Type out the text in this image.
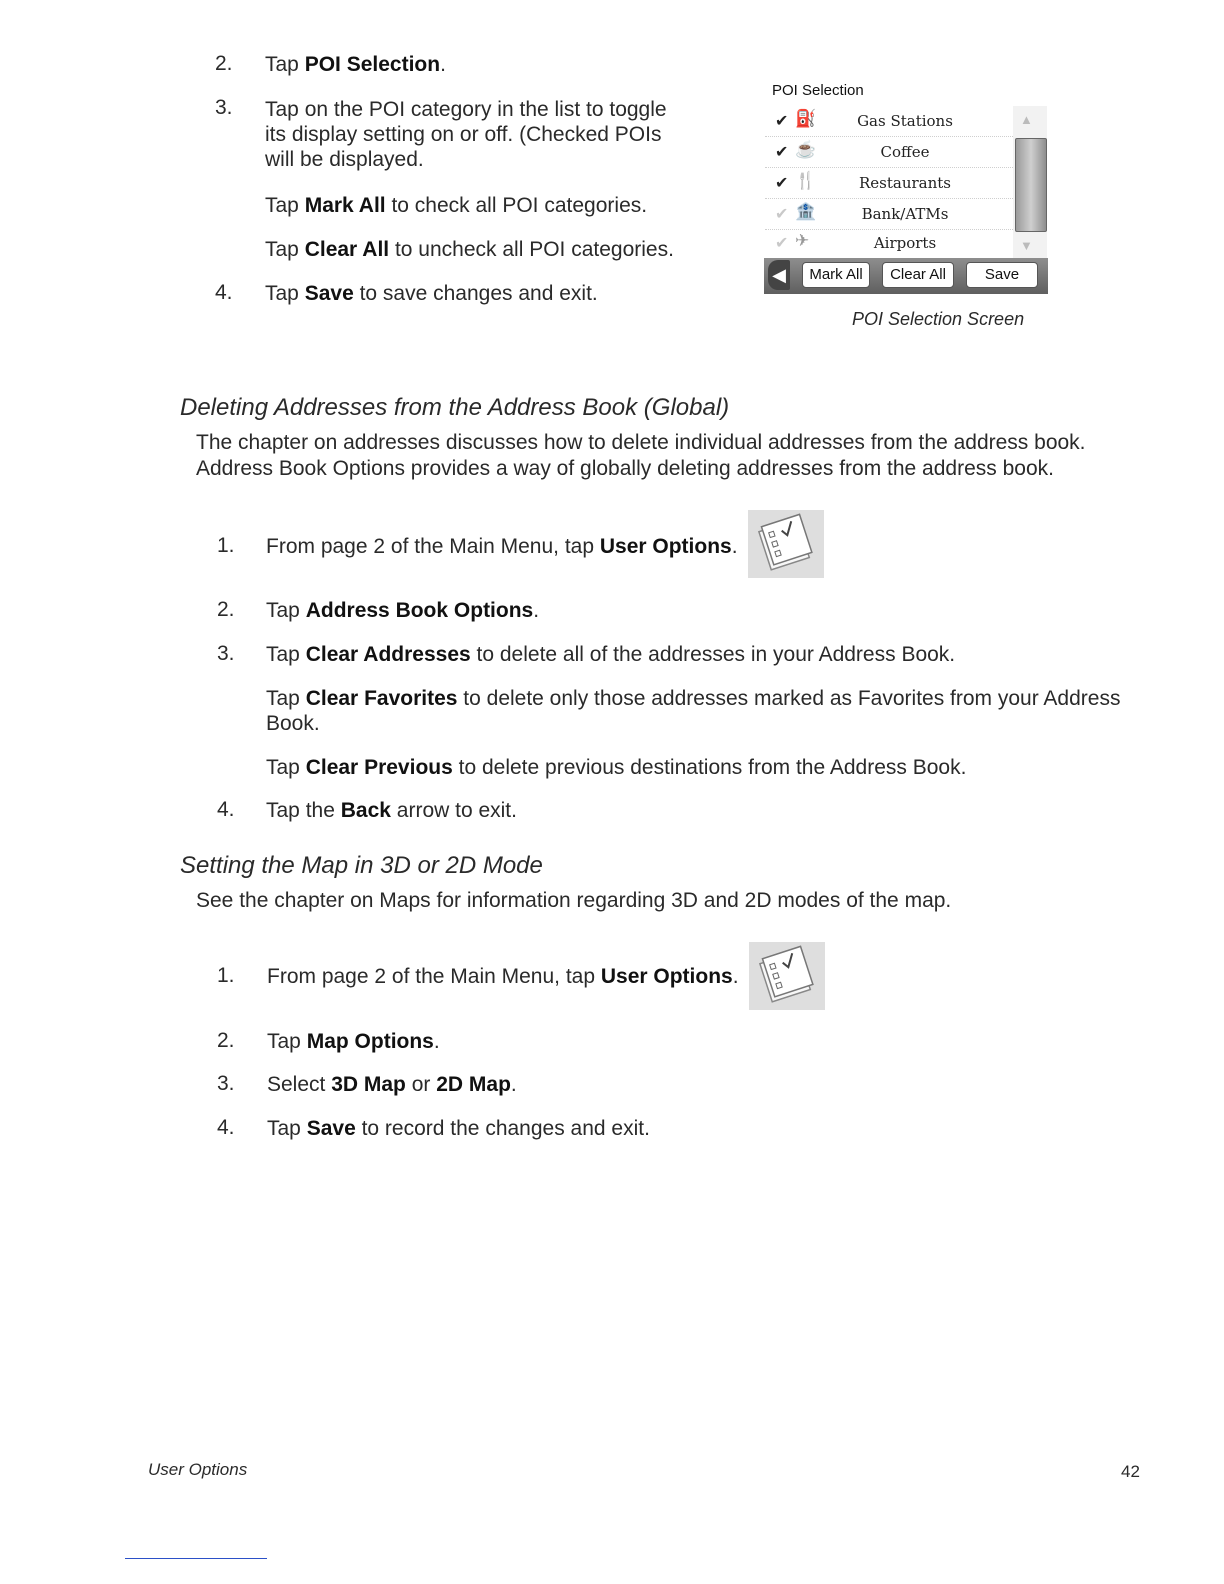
2. Tap POI Selection.
3. Tap on the POI category in the list to toggle
its display setting on or off. (Checked POIs
will be displayed.
Tap Mark All to check all POI categories.
Tap Clear All to uncheck all POI categories.
4. Tap Save to save changes and exit.
POI Selection
✔ ⛽	Gas Stations
✔ ☕	Coffee
✔ 🍴	Restaurants
✔ 🏦	Bank/ATMs
✔ ✈	Airports
▲
▼
◀	Mark All	Clear All	Save
POI Selection Screen
Deleting Addresses from the Address Book (Global)
The chapter on addresses discusses how to delete individual addresses from the address book.
Address Book Options provides a way of globally deleting addresses from the address book.
1. From page 2 of the Main Menu, tap User Options.
2. Tap Address Book Options.
3. Tap Clear Addresses to delete all of the addresses in your Address Book.
Tap Clear Favorites to delete only those addresses marked as Favorites from your Address
Book.
Tap Clear Previous to delete previous destinations from the Address Book.
4. Tap the Back arrow to exit.
Setting the Map in 3D or 2D Mode
See the chapter on Maps for information regarding 3D and 2D modes of the map.
1. From page 2 of the Main Menu, tap User Options.
2. Tap Map Options.
3. Select 3D Map or 2D Map.
4. Tap Save to record the changes and exit.
User Options	42
